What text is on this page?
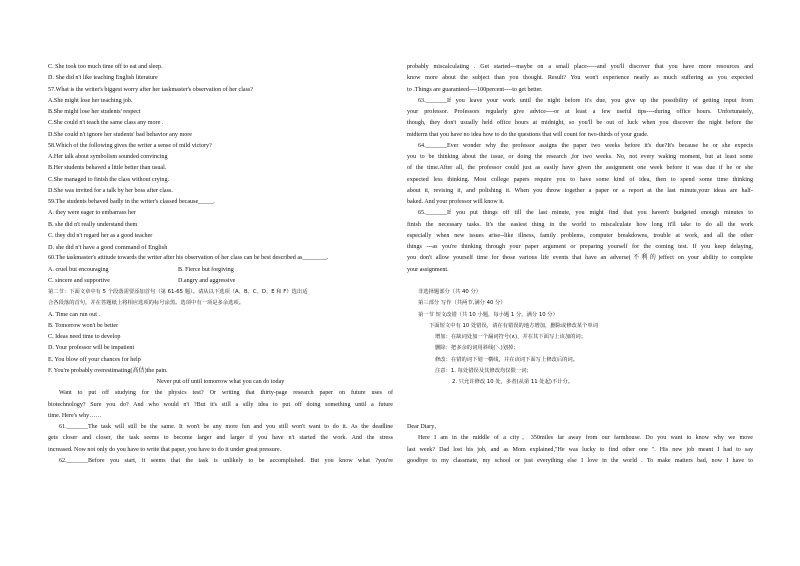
C. She took too much time off to eat and sleep.
D. She did n't like teaching English literature
57.What is the writer's biggest worry after her taskmaster's observation of her class?
A.She might lose her teaching job.
B.She might lose her students' respect
C.She could n't teach the same class any more .
D.She could n't ignore her students' bad behavior any more
58.Which of the following gives the writer a sense of mild victory?
A.Her talk about symbolism sounded convincing
B.Her students behaved a little better than usual.
C.She managed to finish the class without crying.
D.She was invited for a talk by her boss after class.
59.The students behaved badly in the writer's classed because_____.
A. they were eager to embarrass her
B. she did n't really understand them
C. they did n't regard her as a good teacher
D. she did n't have a good command of English
60.The taskmaster's attitude towards the writer after his observation of her class can be best described as________.
A. cruel but encouraging	B. Fierce but forgiving
C. sincere and supportive	D.angry and aggressive
第二节：下面文章中有 5 个段落需要添加首句（第 61-65 题）。请从以下选项（A、B、C、D、E 和 F）选出适
合各段落的首句，并在答题纸上将相应选项的标号涂黑。选项中有一项是多余选项。
A. Time can run out .
B. Tomorrow won't be better
C. Ideas need time to develop
D. Your professor will be impatient
E. You blow off your chances for help
F. You're probably overestimating(高估)the pain.
Never put off until tomorrow what you can do today
Want to put off studying for the physics test? Or writing that thirty-page research paper on future uses of
biotechnology? Sure you do? And who would n't ?But it's still a silly idea to put off doing something until a future
time. Here's why……
61._______The task will still be the same. It won't be any more fun and you still won't want to do it. As the deadline
gets closer and closer, the task seems to become larger and larger if you have n't started the work. And the stress
increased. Now not only do you have to write that paper, you have to do it under great pressure.
62._______Before you start, it seems that the task is unlikely to be accomplished. But you know what ?you're
probably miscalculating . Get started---maybe on a small place-----and you'll discover that you have more resources and
know more about the subject than you thought. Result? You won't experience nearly as much suffering as you expected
to .Things are guaranteed----100percent----to get better.
63._______If you leave your work until the night before it's due, you give up the possibility of getting input from
your professor. Professors regularly give advice----or at least a few useful tips----during office hours. Unfortunately,
though, they don't usually held office hours at midnight, so you'll be out of luck when you discover the night before the
midterm that you have no idea how to do the questions that will count for two-thirds of your grade.
64._______Ever wonder why the professor assigns the paper two weeks before it's due?It's because he or she expects
you to be thinking about the issue, or doing the research ,for two weeks. No, not every waking moment, but at least some
of the time.After all, the professor could just as easily have given the assignment one week before it was due if he or she
expected less thinking. Most college papers require you to have some kind of idea, then to spend some time thinking
about it, revising it, and polishing it. When you throw together a paper or a report at the last minute,your ideas are half-
baked. And your professor will know it.
65._______If you put things off till the last minute, you might find that you haven't budgeted enough minutes to
finish the necessary tasks. It's the easiest thing in the world to miscalculate how long it'll take to do all the work
especially when new issues arise--like illness, family problems, computer breakdowns, trouble at work, and all the other
things ---as you're thinking through your paper argument or preparing yourself for the coming test. If you keep delaying,
you don't allow yourself time for those various life events that have an adverse(不利的)effect on your ability to complete
your assignment.
非选择题部分（共 40 分）
第三部分 写作（共两节,满分 40 分）
第一节 短文改错（共 10 小题，每小题 1 分，满分 10 分）
下面短文中有 10 处错误，请在有错误的地方增加，删除或修改某个单词
增加：在缺词处加一个漏词符号(∧)，并在其下面写上该加的词；
删除：把多余的词用斜线(＼)划掉；
修改：在错的词下划一横线，并在该词下面写上修改后的词。
注意：1. 每处错误及其修改均仅限一词；
2. 只允许修改 10 处，多者(从第 11 处起)不计分。
Dear Diary，
Here I am in the middle of a city，350miles far away from our farmhouse. Do you want to know why we move
last week? Dad lost his job, and as Mom explained,"He was lucky to find other one ". His new job meant I had to say
goodbye to my classmate, my school or just everything else I love in the world . To make matters bad, now I have to
